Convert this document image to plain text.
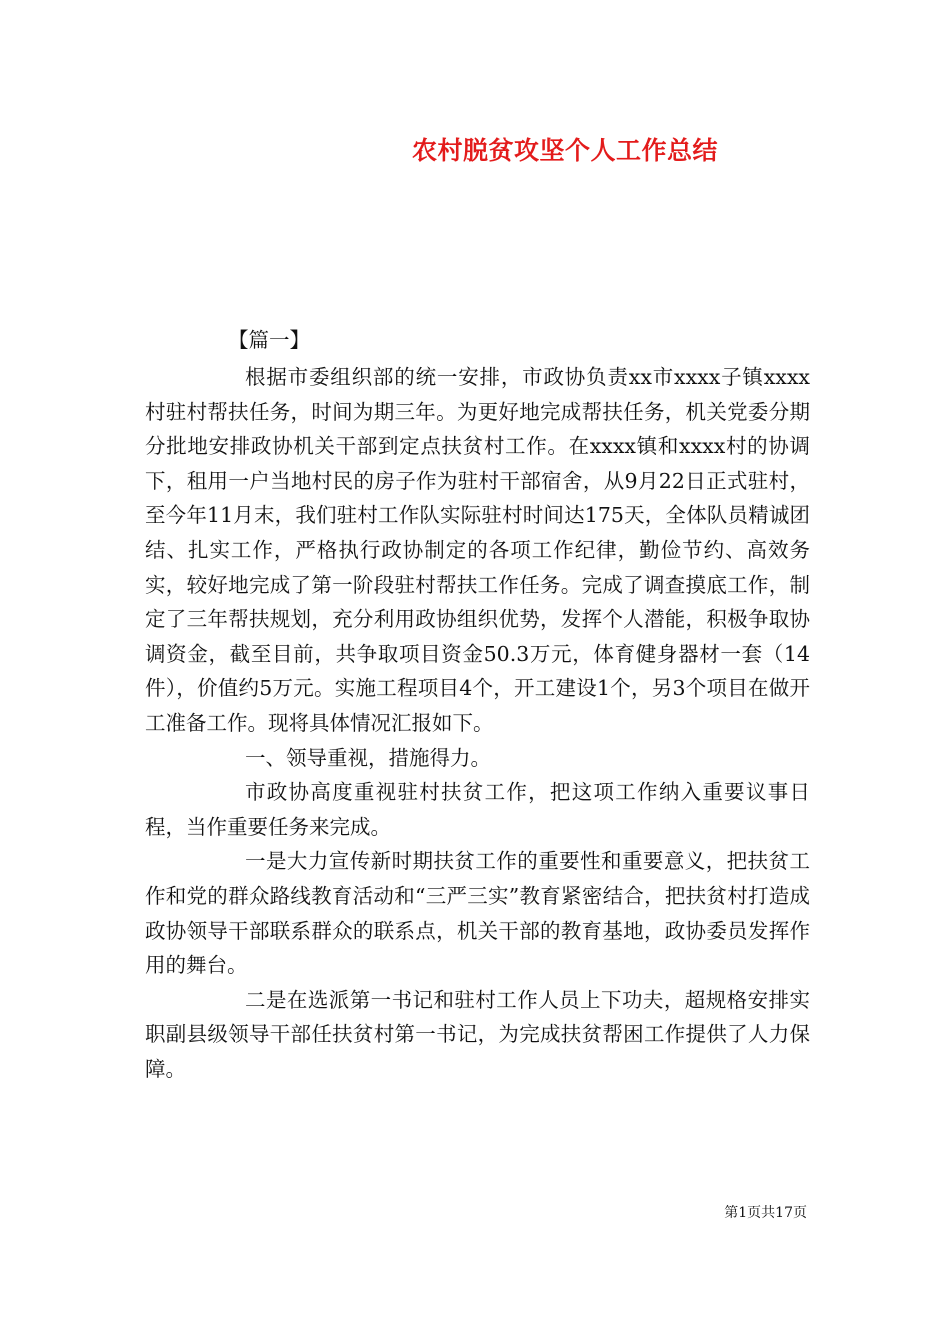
农村脱贫攻坚个人工作总结

【篇一】

根据市委组织部的统一安排，市政协负责xx市xxxx子镇xxxx村驻村帮扶任务，时间为期三年。为更好地完成帮扶任务，机关党委分期分批地安排政协机关干部到定点扶贫村工作。在xxxx镇和xxxx村的协调下，租用一户当地村民的房子作为驻村干部宿舍，从9月22日正式驻村，至今年11月末，我们驻村工作队实际驻村时间达175天，全体队员精诚团结、扎实工作，严格执行政协制定的各项工作纪律，勤俭节约、高效务实，较好地完成了第一阶段驻村帮扶工作任务。完成了调查摸底工作，制定了三年帮扶规划，充分利用政协组织优势，发挥个人潜能，积极争取协调资金，截至目前，共争取项目资金50.3万元，体育健身器材一套（14件），价值约5万元。实施工程项目4个，开工建设1个，另3个项目在做开工准备工作。现将具体情况汇报如下。

一、领导重视，措施得力。

市政协高度重视驻村扶贫工作，把这项工作纳入重要议事日程，当作重要任务来完成。

一是大力宣传新时期扶贫工作的重要性和重要意义，把扶贫工作和党的群众路线教育活动和“三严三实”教育紧密结合，把扶贫村打造成政协领导干部联系群众的联系点，机关干部的教育基地，政协委员发挥作用的舞台。

二是在选派第一书记和驻村工作人员上下功夫，超规格安排实职副县级领导干部任扶贫村第一书记，为完成扶贫帮困工作提供了人力保障。

第1页共17页
